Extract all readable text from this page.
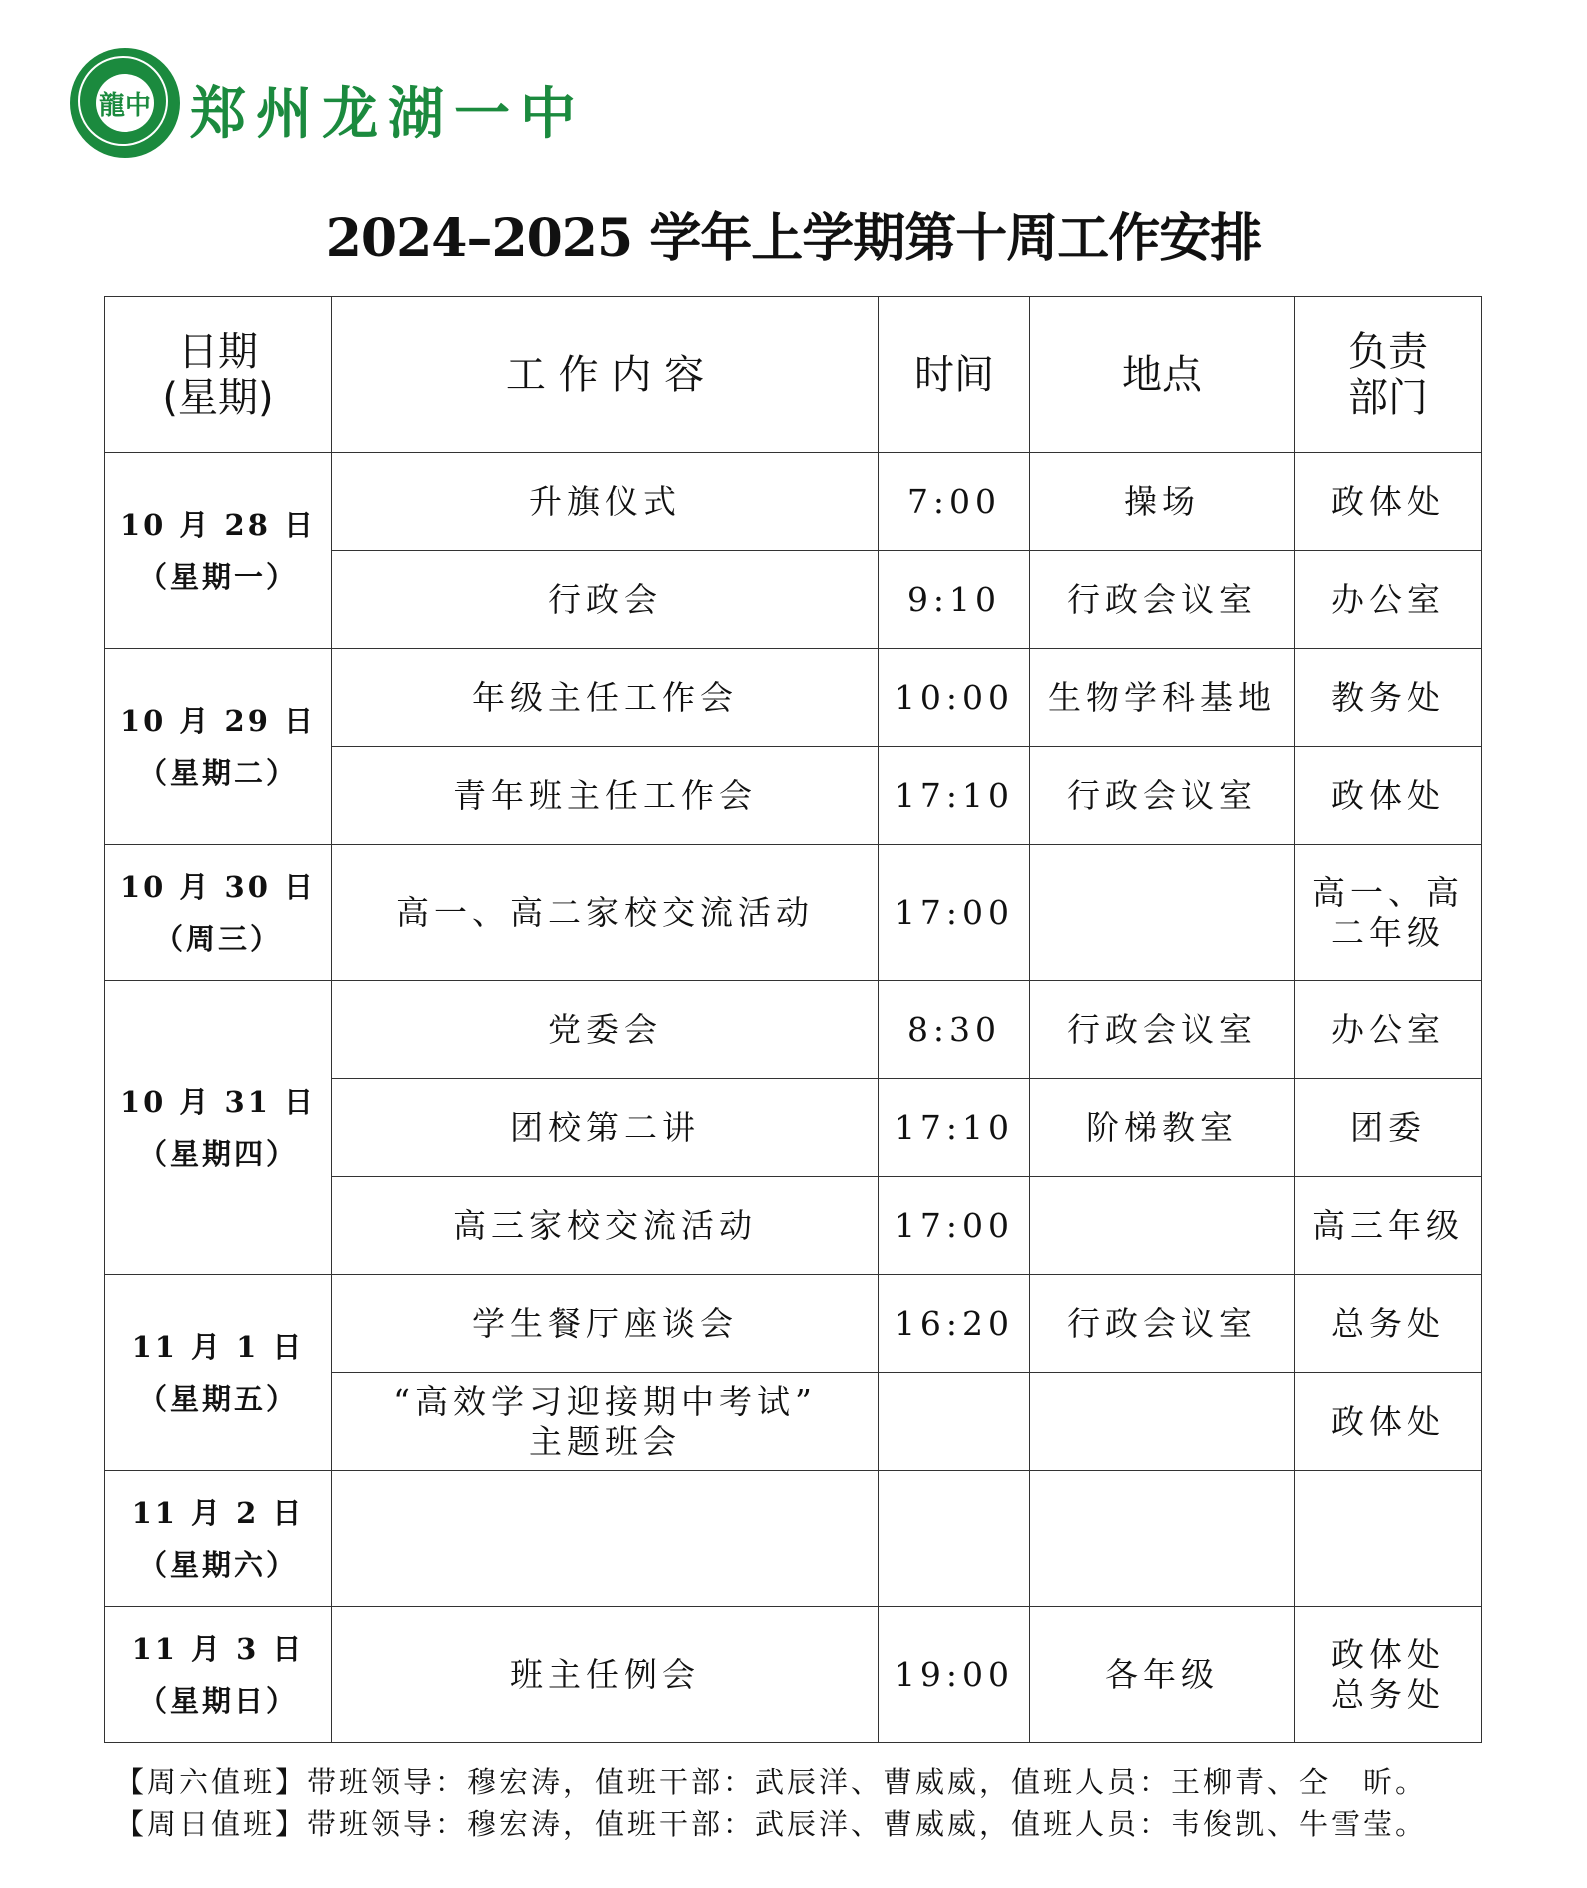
龍中 郑州龙湖一中
2024–2025 学年上学期第十周工作安排
日期
(星期)	工 作 内 容	时间	地点	负责
部门

10 月 28 日
（星期一）	升旗仪式	7:00	操场	政体处
	行政会	9:10	行政会议室	办公室

10 月 29 日
（星期二）	年级主任工作会	10:00	生物学科基地	教务处
	青年班主任工作会	17:10	行政会议室	政体处

10 月 30 日
（周三）	高一、高二家校交流活动	17:00		高一、高
二年级

10 月 31 日
（星期四）	党委会	8:30	行政会议室	办公室
	团校第二讲	17:10	阶梯教室	团委
	高三家校交流活动	17:00		高三年级

11 月 1 日
（星期五）	学生餐厅座谈会	16:20	行政会议室	总务处

	“高效学习迎接期中考试”
主题班会			政体处

11 月 2 日
（星期六）				

11 月 3 日
（星期日）	班主任例会	19:00	各年级	政体处
总务处
【周六值班】带班领导：穆宏涛，值班干部：武辰洋、曹威威，值班人员：王柳青、仝　昕。
【周日值班】带班领导：穆宏涛，值班干部：武辰洋、曹威威，值班人员：韦俊凯、牛雪莹。
